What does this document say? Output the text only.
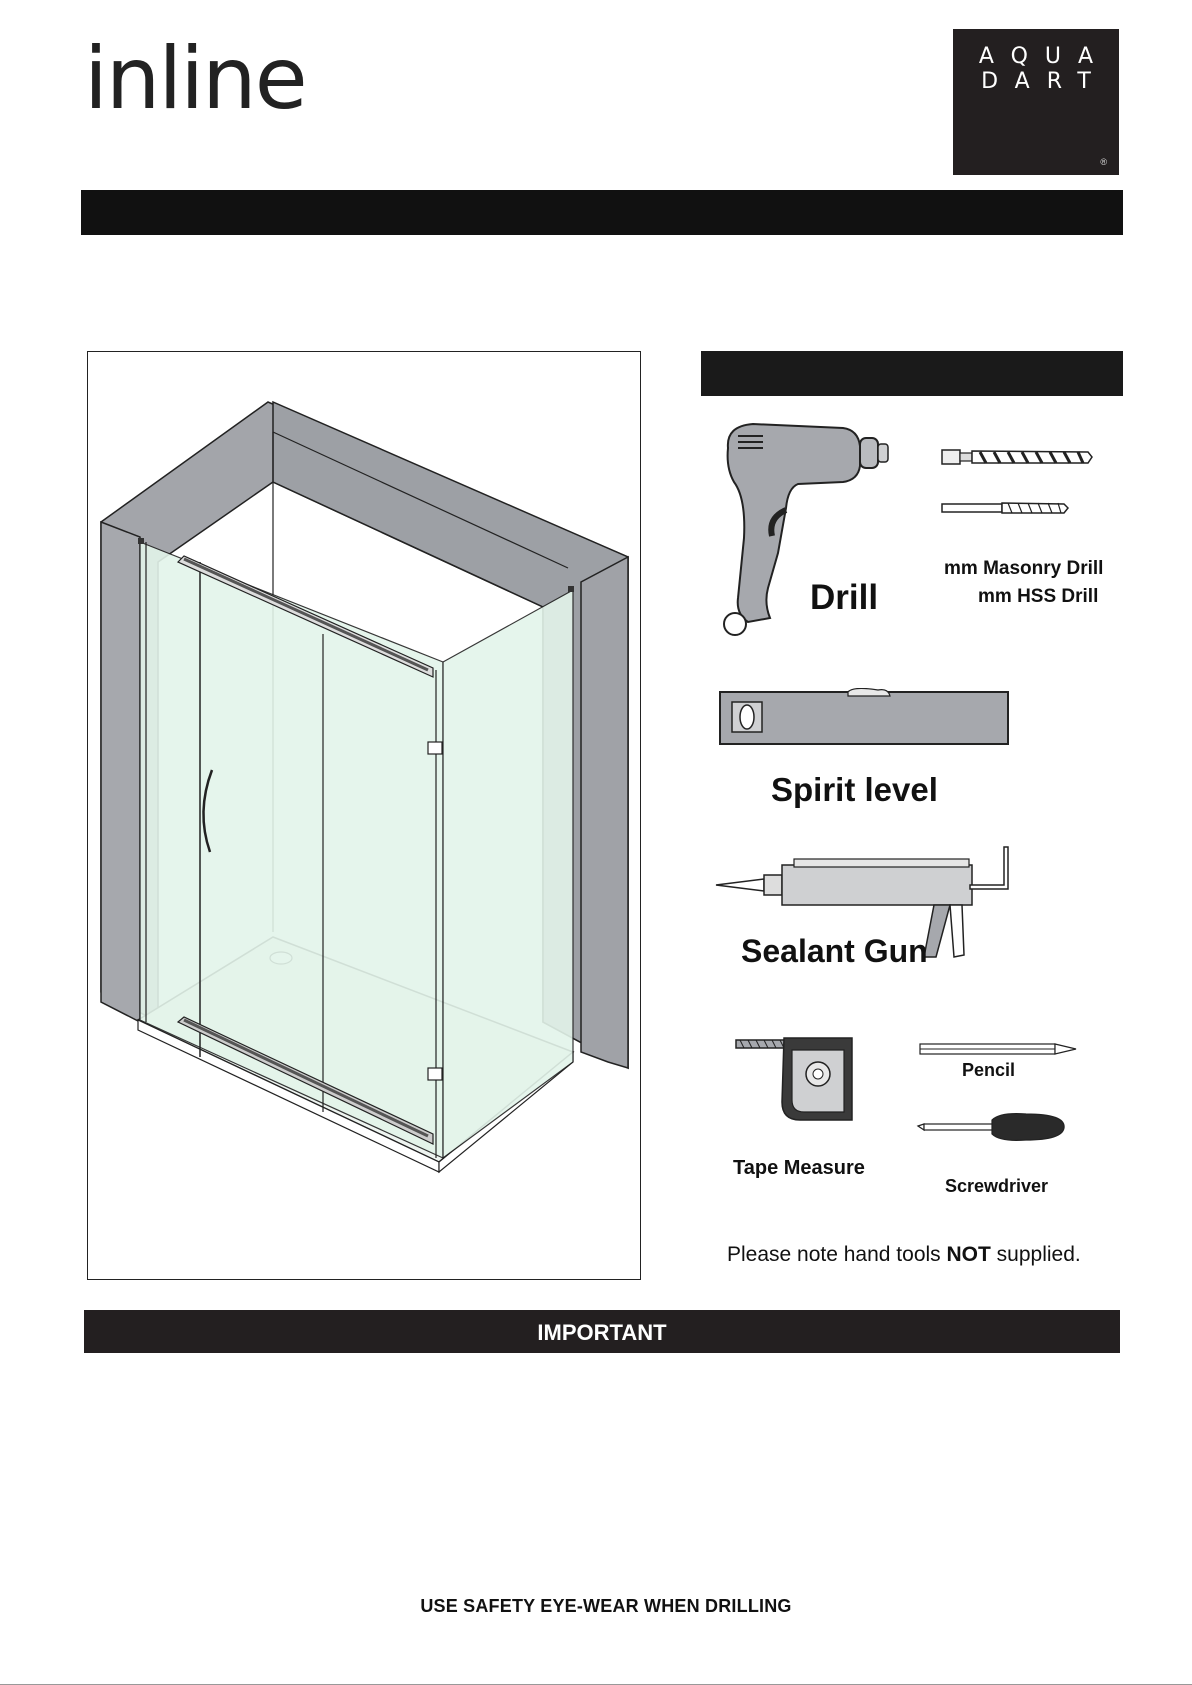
inline	AQUA
DART
®
Drill
mm Masonry Drill
mm HSS Drill
Spirit level
Sealant Gun
Tape Measure
Pencil
Screwdriver
Please note hand tools NOT supplied.
IMPORTANT
USE SAFETY EYE-WEAR WHEN DRILLING
